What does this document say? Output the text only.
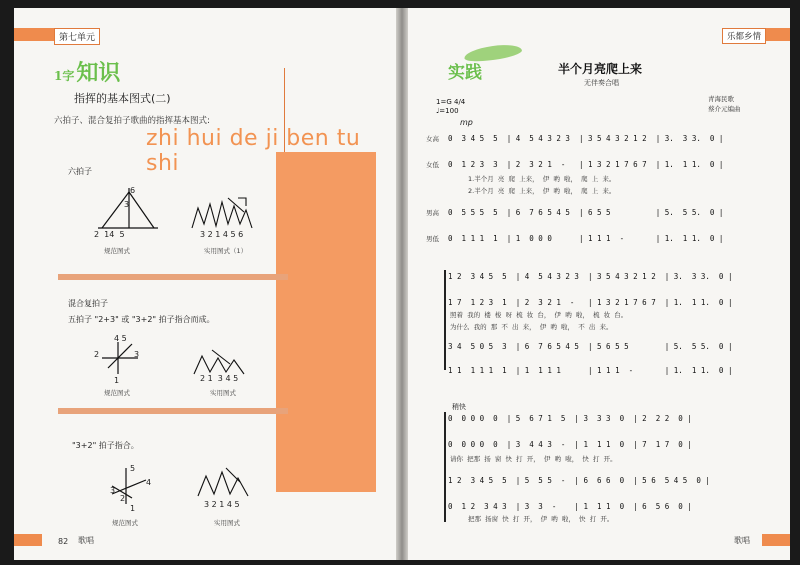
第七单元
1字知识
指挥的基本图式(二)
六拍子、混合复拍子歌曲的指挥基本图式:
zhi hui de ji ben tu shi
六拍子
6
3
2  14  5
规范图式
3 2 1 4 5 6
实用图式（1）
混合复拍子
五拍子 "2+3" 或 "3+2" 拍子指合而成。
4 5
3
2
1
规范图式
2 1  3 4 5
实用图式
"3+2" 拍子指合。
5
4
3
2
1
规范图式
3 2 1 4 5
实用图式
82 歌唱
实践
乐都乡情
半个月亮爬上来
无伴奏合唱
青海民歌
蔡介元编曲
1=G 4/4
♩=100
mp
女高
女低
男高
男低
0  3 4 5  5  | 4  5 4 3 2 3  | 3 5 4 3 2 1 2  | 3.  3 3.  0 |
0  1 2 3  3  | 2  3 2 1  -   | 1 3 2 1 7 6 7  | 1.  1 1.  0 |
1.半个月  亮  爬  上来，  伊  哟  啦，  爬  上  来。
2.半个月  亮  爬  上来，  伊  哟  啦，  爬  上  来。
0  5 5 5  5  | 6  7 6 5 4 5  | 6 5 5          | 5.  5 5.  0 |
0  1 1 1  1  | 1  0 0 0      | 1 1 1  -       | 1.  1 1.  0 |
1 2  3 4 5  5  | 4  5 4 3 2 3  | 3 5 4 3 2 1 2  | 3.  3 3.  0 |
1 7  1 2 3  1  | 2  3 2 1  -   | 1 3 2 1 7 6 7  | 1.  1 1.  0 |
照着  我的  楼  梭  呀  梳  妆  台，  伊  哟  啦，  梳  妆  台。
为什么  我的  那  不  出  来，  伊  哟  啦，  不  出  来。
3 4  5 0 5  3  | 6  7 6 5 4 5  | 5 6 5 5        | 5.  5 5.  0 |
1 1  1 1 1  1  | 1  1 1 1      | 1 1 1  -       | 1.  1 1.  0 |
稍快
0  0 0 0  0  | 5  6 7 1  5  | 3  3 3  0  | 2  2 2  0 |
0  0 0 0  0  | 3  4 4 3  -  | 1  1 1  0  | 7  1 7  0 |
请你  把那  扬  窗  快  打  开，  伊  哟  啦，  快  打  开。
1 2  3 4 5  5  | 5  5 5  -  | 6  6 6  0  | 5 6  5 4 5  0 |
0  1 2  3 4 3  | 3  3  -    | 1  1 1  0  | 6  5 6  0 |
把那  扬窗  快  打  开，  伊  哟  啦，  快  打  开。
歌唱
